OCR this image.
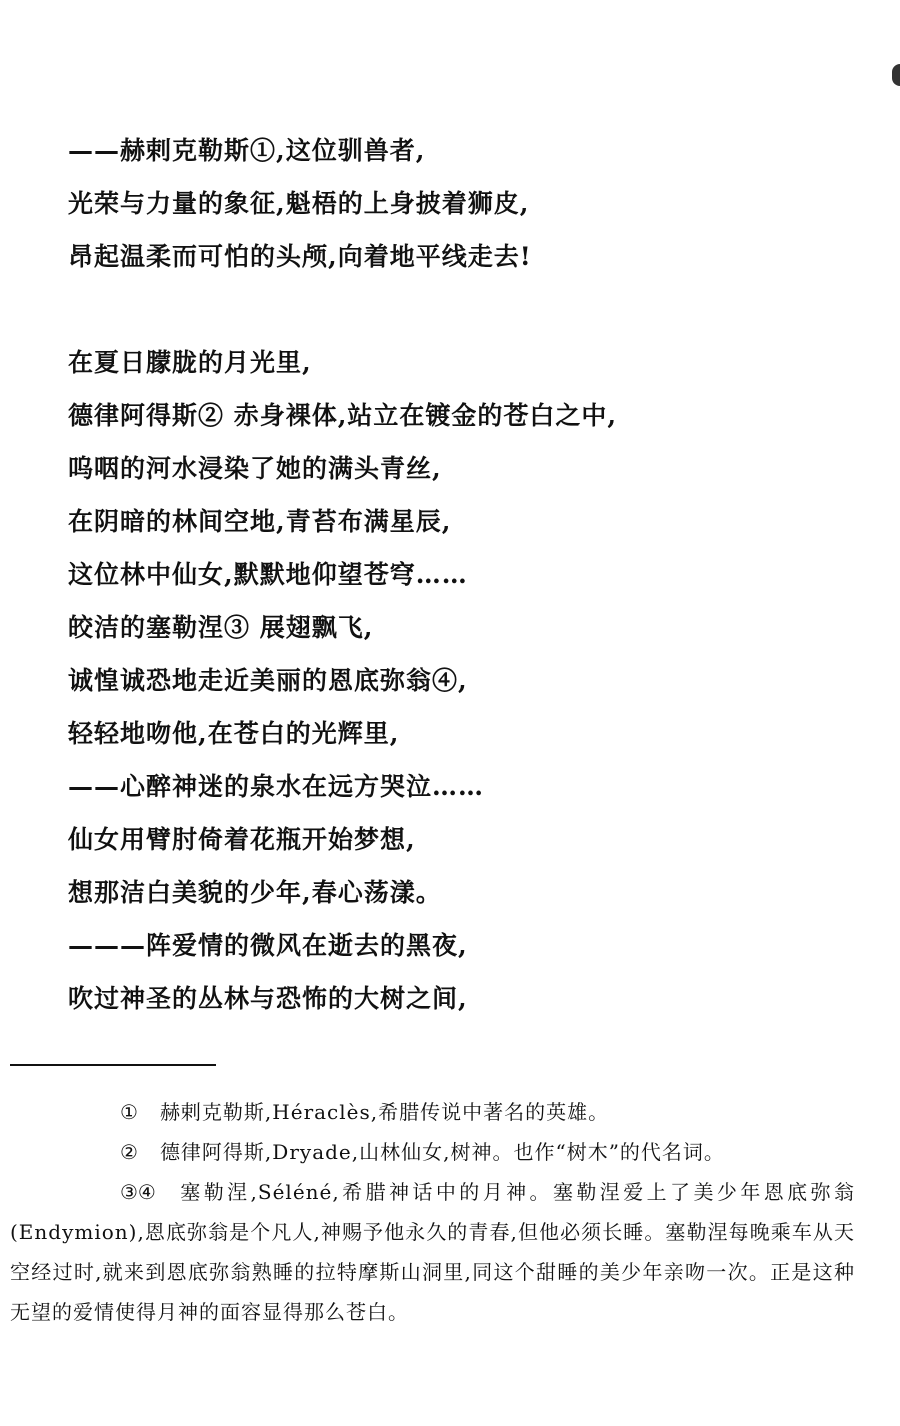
——赫剌克勒斯①,这位驯兽者,
光荣与力量的象征,魁梧的上身披着狮皮,
昂起温柔而可怕的头颅,向着地平线走去!
在夏日朦胧的月光里,
德律阿得斯② 赤身裸体,站立在镀金的苍白之中,
呜咽的河水浸染了她的满头青丝,
在阴暗的林间空地,青苔布满星辰,
这位林中仙女,默默地仰望苍穹……
皎洁的塞勒涅③ 展翅飘飞,
诚惶诚恐地走近美丽的恩底弥翁④,
轻轻地吻他,在苍白的光辉里,
——心醉神迷的泉水在远方哭泣……
仙女用臂肘倚着花瓶开始梦想,
想那洁白美貌的少年,春心荡漾。
———阵爱情的微风在逝去的黑夜,
吹过神圣的丛林与恐怖的大树之间,

① 赫剌克勒斯,Héraclès,希腊传说中著名的英雄。

② 德律阿得斯,Dryade,山林仙女,树神。也作“树木”的代名词。

③④ 塞勒涅,Séléné,希腊神话中的月神。塞勒涅爱上了美少年恩底弥翁(Endymion),恩底弥翁是个凡人,神赐予他永久的青春,但他必须长睡。塞勒涅每晚乘车从天空经过时,就来到恩底弥翁熟睡的拉特摩斯山洞里,同这个甜睡的美少年亲吻一次。正是这种无望的爱情使得月神的面容显得那么苍白。
